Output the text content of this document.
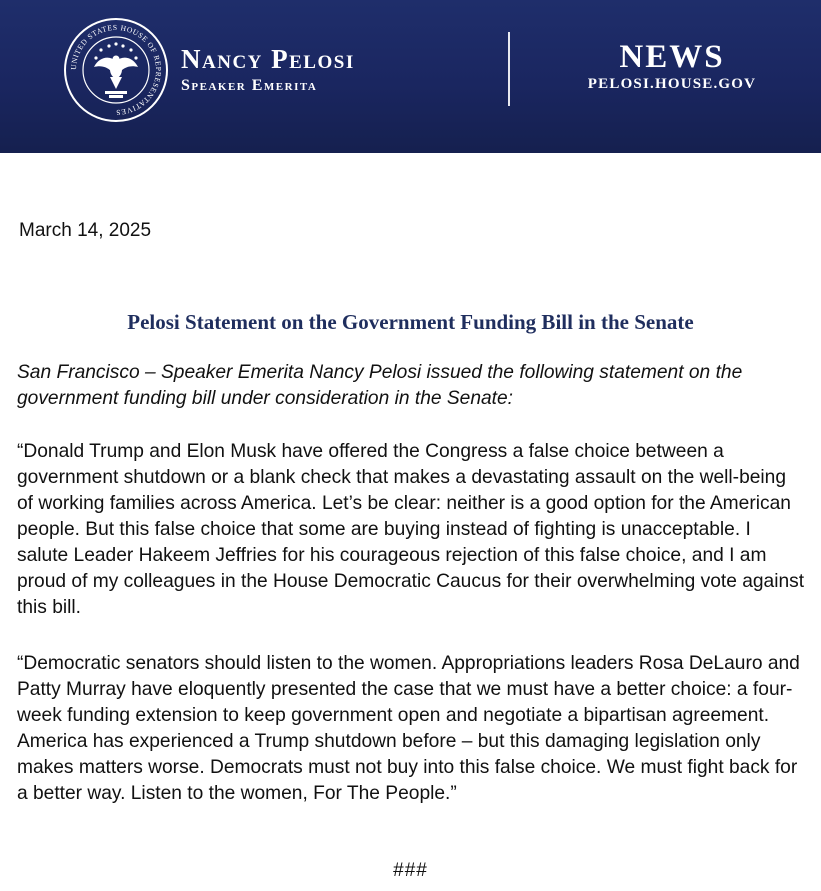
UNITED STATES HOUSE OF REPRESENTATIVES
Nancy Pelosi
Speaker Emerita
NEWS
PELOSI.HOUSE.GOV
March 14, 2025
Pelosi Statement on the Government Funding Bill in the Senate

San Francisco – Speaker Emerita Nancy Pelosi issued the following statement on the government funding bill under consideration in the Senate:

“Donald Trump and Elon Musk have offered the Congress a false choice between a government shutdown or a blank check that makes a devastating assault on the well-being of working families across America. Let’s be clear: neither is a good option for the American people. But this false choice that some are buying instead of fighting is unacceptable. I salute Leader Hakeem Jeffries for his courageous rejection of this false choice, and I am proud of my colleagues in the House Democratic Caucus for their overwhelming vote against this bill.

“Democratic senators should listen to the women. Appropriations leaders Rosa DeLauro and Patty Murray have eloquently presented the case that we must have a better choice: a four-week funding extension to keep government open and negotiate a bipartisan agreement. America has experienced a Trump shutdown before – but this damaging legislation only makes matters worse. Democrats must not buy into this false choice. We must fight back for a better way. Listen to the women, For The People.”

###
